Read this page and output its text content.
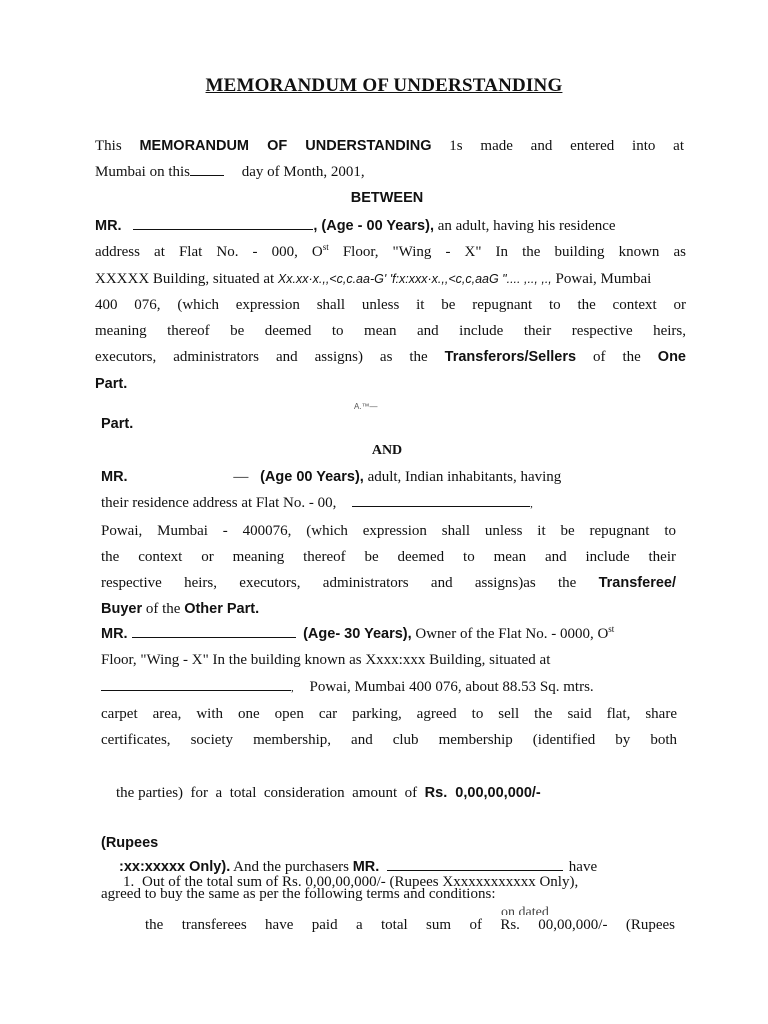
MEMORANDUM OF UNDERSTANDING
This MEMORANDUM OF UNDERSTANDING 1s made and entered into at
Mumbai on this	day of Month, 2001,
BETWEEN
MR.	, (Age - 00 Years), an adult, having his residence
address at Flat No. - 000, $O^{st}$ Floor, "Wing - X" In the building known as
XXXXX Building, situated at Xx.xx·x.,,<c,c.aa-G' 'f:x:xxx·x.,,<c,c,aaG ".... ,.., ,., Powai, Mumbai
400 076, (which expression shall unless it be repugnant to the context or
meaning thereof be deemed to mean and include their respective heirs,
executors, administrators and assigns) as the Transferors/Sellers of the One
Part.
A.™—
Part.
AND
MR.	— (Age 00 Years), adult, Indian inhabitants, having
their residence address at Flat No. - 00,	,
Powai, Mumbai - 400076, (which expression shall unless it be repugnant to
the context or meaning thereof be deemed to mean and include their
respective heirs, executors, administrators and assigns)as the Transferee/
Buyer of the Other Part.
MR.	(Age- 30 Years), Owner of the Flat No. - 0000, $O^{st}$
Floor, "Wing - X" In the building known as Xxxx:xxx Building, situated at
, Powai, Mumbai 400 076, about 88.53 Sq. mtrs.
carpet area, with one open car parking, agreed to sell the said flat, share
certificates, society membership, and club membership (identified by both

the parties)  for  a  total  consideration  amount  of  Rs.  0,00,00,000/-

(Rupees
:xx:xxxxx Only). And the purchasers MR.	have
agreed to buy the same as per the following terms and conditions:
1. Out of the total sum of Rs. 0,00,00,000/- (Rupees Xxxxxxxxxxxx Only),
on dated
the transferees have paid a total sum of Rs. 00,00,000/- (Rupees
